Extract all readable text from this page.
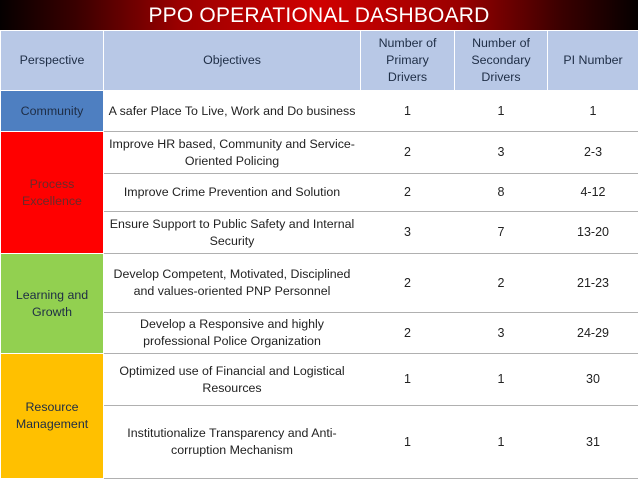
PPO OPERATIONAL DASHBOARD
Perspective	Objectives	Number of Primary Drivers	Number of Secondary Drivers	PI Number
Community	A safer Place To Live, Work and Do business	1	1	1
Process Excellence	Improve HR based, Community and Service-Oriented Policing	2	3	2-3
	Improve Crime Prevention and Solution	2	8	4-12
	Ensure Support to Public Safety and Internal Security	3	7	13-20
Learning and Growth	Develop Competent, Motivated, Disciplined and values-oriented PNP Personnel	2	2	21-23
	Develop a Responsive and highly professional Police Organization	2	3	24-29
Resource Management	Optimized use of Financial and Logistical Resources	1	1	30
	Institutionalize Transparency and Anti-corruption Mechanism	1	1	31
